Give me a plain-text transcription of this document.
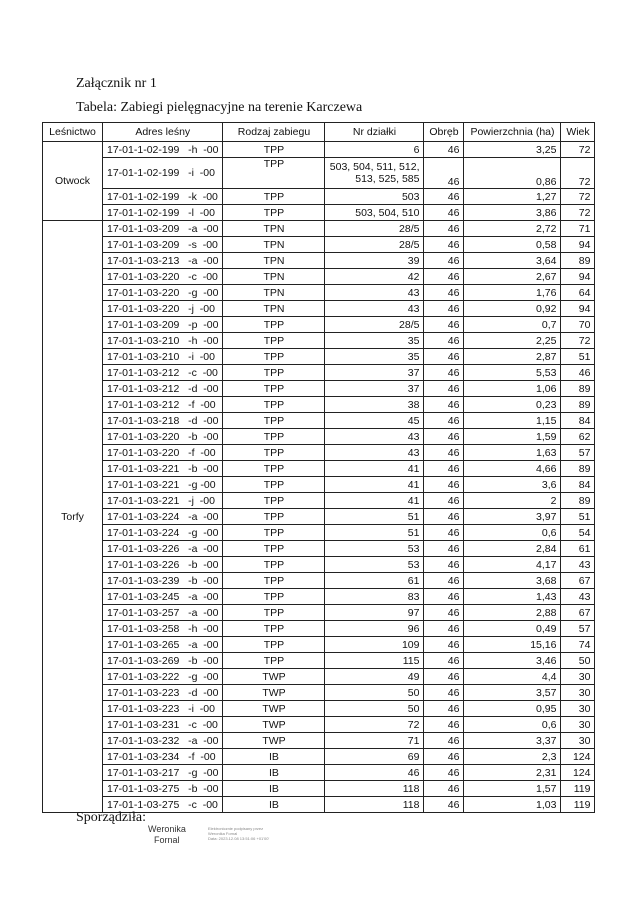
Załącznik nr 1
Tabela: Zabiegi pielęgnacyjne na terenie Karczewa
Leśnictwo	Adres leśny	Rodzaj zabiegu	Nr działki	Obręb	Powierzchnia (ha)	Wiek
Otwock	17-01-1-02-199   -h  -00	TPP	6	46	3,25	72
	17-01-1-02-199   -i  -00	TPP	503, 504, 511, 512, 513, 525, 585	46	0,86	72
	17-01-1-02-199   -k  -00	TPP	503	46	1,27	72
	17-01-1-02-199   -l  -00	TPP	503, 504, 510	46	3,86	72
Torfy	17-01-1-03-209   -a  -00	TPN	28/5	46	2,72	71
	17-01-1-03-209   -s  -00	TPN	28/5	46	0,58	94
	17-01-1-03-213   -a  -00	TPN	39	46	3,64	89
	17-01-1-03-220   -c  -00	TPN	42	46	2,67	94
	17-01-1-03-220   -g  -00	TPN	43	46	1,76	64
	17-01-1-03-220   -j  -00	TPN	43	46	0,92	94
	17-01-1-03-209   -p  -00	TPP	28/5	46	0,7	70
	17-01-1-03-210   -h  -00	TPP	35	46	2,25	72
	17-01-1-03-210   -i  -00	TPP	35	46	2,87	51
	17-01-1-03-212   -c  -00	TPP	37	46	5,53	46
	17-01-1-03-212   -d  -00	TPP	37	46	1,06	89
	17-01-1-03-212   -f  -00	TPP	38	46	0,23	89
	17-01-1-03-218   -d  -00	TPP	45	46	1,15	84
	17-01-1-03-220   -b  -00	TPP	43	46	1,59	62
	17-01-1-03-220   -f  -00	TPP	43	46	1,63	57
	17-01-1-03-221   -b  -00	TPP	41	46	4,66	89
	17-01-1-03-221   -g -00	TPP	41	46	3,6	84
	17-01-1-03-221   -j  -00	TPP	41	46	2	89
	17-01-1-03-224   -a  -00	TPP	51	46	3,97	51
	17-01-1-03-224   -g  -00	TPP	51	46	0,6	54
	17-01-1-03-226   -a  -00	TPP	53	46	2,84	61
	17-01-1-03-226   -b  -00	TPP	53	46	4,17	43
	17-01-1-03-239   -b  -00	TPP	61	46	3,68	67
	17-01-1-03-245   -a  -00	TPP	83	46	1,43	43
	17-01-1-03-257   -a  -00	TPP	97	46	2,88	67
	17-01-1-03-258   -h  -00	TPP	96	46	0,49	57
	17-01-1-03-265   -a  -00	TPP	109	46	15,16	74
	17-01-1-03-269   -b  -00	TPP	115	46	3,46	50
	17-01-1-03-222   -g  -00	TWP	49	46	4,4	30
	17-01-1-03-223   -d  -00	TWP	50	46	3,57	30
	17-01-1-03-223   -i  -00	TWP	50	46	0,95	30
	17-01-1-03-231   -c  -00	TWP	72	46	0,6	30
	17-01-1-03-232   -a  -00	TWP	71	46	3,37	30
	17-01-1-03-234   -f  -00	IB	69	46	2,3	124
	17-01-1-03-217   -g  -00	IB	46	46	2,31	124
	17-01-1-03-275   -b  -00	IB	118	46	1,57	119
	17-01-1-03-275   -c  -00	IB	118	46	1,03	119
Sporządziła:
Weronika
Fornal
Elektronicznie podpisany przez
Weronika Fornal
Data: 2023.12.08 13:51:06 +01'00'
